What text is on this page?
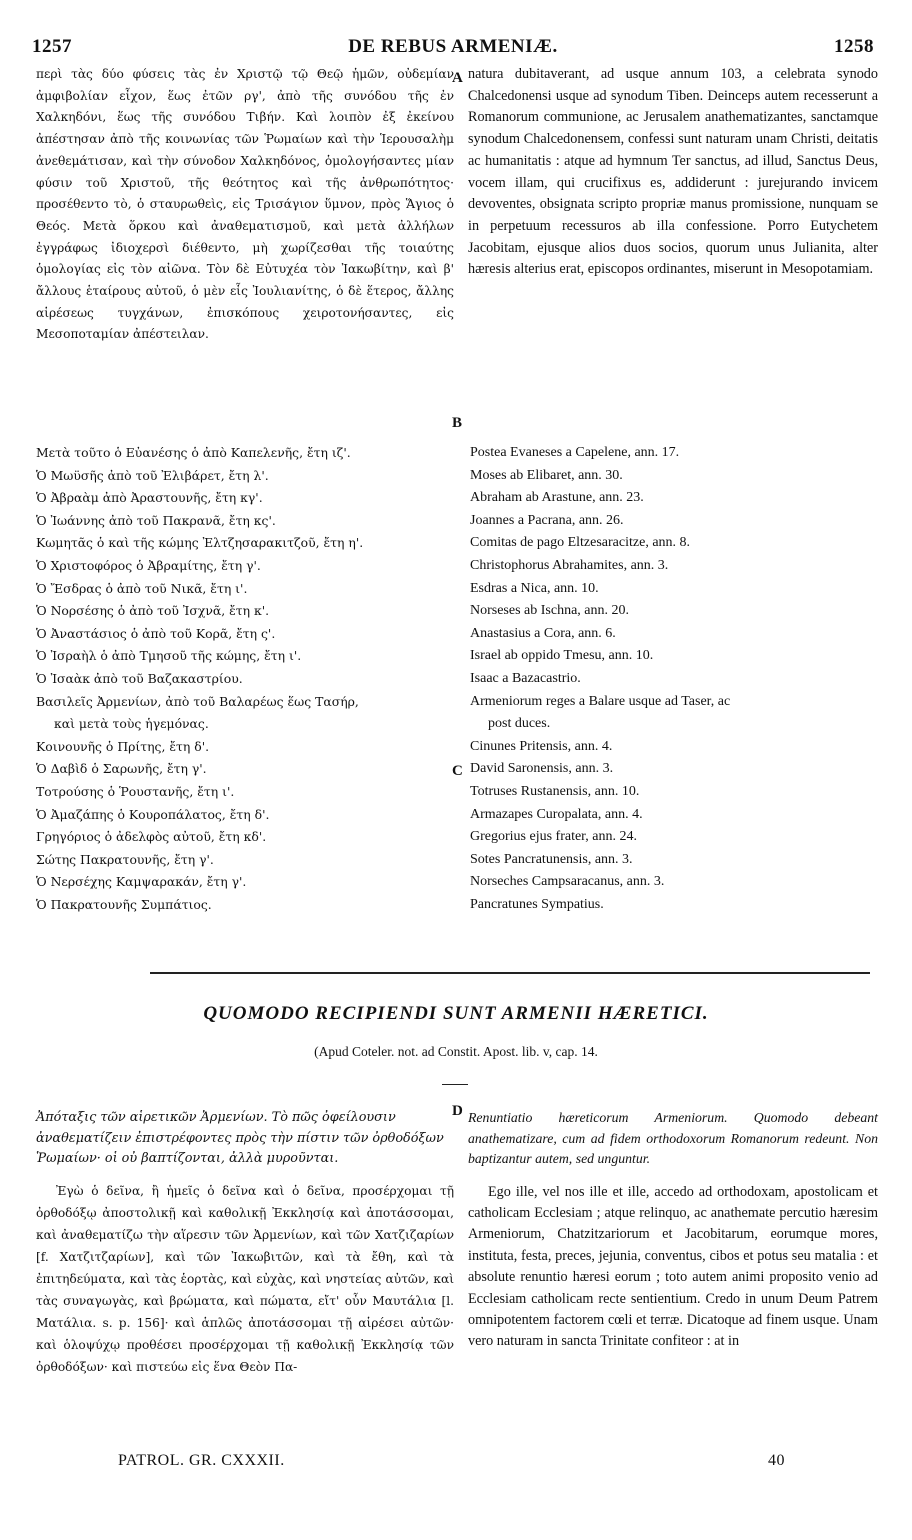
1257	DE REBUS ARMENIÆ.	1258
περὶ τὰς δύο φύσεις τὰς ἐν Χριστῷ τῷ Θεῷ ἡμῶν, οὐδεμίαν ἀμφιβολίαν εἶχον, ἕως ἐτῶν ργ', ἀπὸ τῆς συνόδου τῆς ἐν Χαλκηδόνι, ἕως τῆς συνόδου Τιβήν. Καὶ λοιπὸν ἐξ ἐκείνου ἀπέστησαν ἀπὸ τῆς κοινωνίας τῶν Ῥωμαίων καὶ τὴν Ἱερουσαλὴμ ἀνεθεμάτισαν, καὶ τὴν σύνοδον Χαλκηδόνος, ὁμολογήσαντες μίαν φύσιν τοῦ Χριστοῦ, τῆς θεότητος καὶ τῆς ἀνθρωπότητος· προσέθεντο τὸ, ὁ σταυρωθεὶς, εἰς Τρισάγιον ὕμνον, πρὸς Ἅγιος ὁ Θεός. Μετὰ ὅρκου καὶ ἀναθεματισμοῦ, καὶ μετὰ ἀλλήλων ἐγγράφως ἰδιοχερσὶ διέθεντο, μὴ χωρίζεσθαι τῆς τοιαύτης ὁμολογίας εἰς τὸν αἰῶνα. Τὸν δὲ Εὐτυχέα τὸν Ἰακωβίτην, καὶ β' ἄλλους ἑταίρους αὐτοῦ, ὁ μὲν εἷς Ἰουλιανίτης, ὁ δὲ ἕτερος, ἄλλης αἱρέσεως τυγχάνων, ἐπισκόπους χειροτονήσαντες, εἰς Μεσοποταμίαν ἀπέστειλαν.
natura dubitaverant, ad usque annum 103, a celebrata synodo Chalcedonensi usque ad synodum Tiben. Deinceps autem recesserunt a Romanorum communione, ac Jerusalem anathematizantes, sanctamque synodum Chalcedonensem, confessi sunt naturam unam Christi, deitatis ac humanitatis : atque ad hymnum Ter sanctus, ad illud, Sanctus Deus, vocem illam, qui crucifixus es, addiderunt : jurejurando invicem devoventes, obsignata scripto propriæ manus promissione, nunquam se in perpetuum recessuros ab illa confessione. Porro Eutychetem Jacobitam, ejusque alios duos socios, quorum unus Julianita, alter hæresis alterius erat, episcopos ordinantes, miserunt in Mesopotamiam.
A
B
C
D
Μετὰ τοῦτο ὁ Εὐανέσης ὁ ἀπὸ Καπελενῆς, ἔτη ιζ'.
Ὁ Μωϋσῆς ἀπὸ τοῦ Ἐλιβάρετ, ἔτη λ'.
Ὁ Ἀβραὰμ ἀπὸ Ἀραστουνῆς, ἔτη κγ'.
Ὁ Ἰωάννης ἀπὸ τοῦ Πακρανᾶ, ἔτη κς'.
Κωμητᾶς ὁ καὶ τῆς κώμης Ἐλτζησαρακιτζοῦ, ἔτη η'.
Ὁ Χριστοφόρος ὁ Ἀβραμίτης, ἔτη γ'.
Ὁ Ἔσδρας ὁ ἀπὸ τοῦ Νικᾶ, ἔτη ι'.
Ὁ Νορσέσης ὁ ἀπὸ τοῦ Ἰσχνᾶ, ἔτη κ'.
Ὁ Ἀναστάσιος ὁ ἀπὸ τοῦ Κορᾶ, ἔτη ς'.
Ὁ Ἰσραὴλ ὁ ἀπὸ Τμησοῦ τῆς κώμης, ἔτη ι'.
Ὁ Ἰσαὰκ ἀπὸ τοῦ Βαζακαστρίου.
Βασιλεῖς Ἀρμενίων, ἀπὸ τοῦ Βαλαρέως ἕως Τασήρ,
καὶ μετὰ τοὺς ἡγεμόνας.
Κοινουνῆς ὁ Πρίτης, ἔτη δ'.
Ὁ Δαβὶδ ὁ Σαρωνῆς, ἔτη γ'.
Τοτρούσης ὁ Ῥουστανῆς, ἔτη ι'.
Ὁ Ἀμαζάπης ὁ Κουροπάλατος, ἔτη δ'.
Γρηγόριος ὁ ἀδελφὸς αὐτοῦ, ἔτη κδ'.
Σώτης Πακρατουνῆς, ἔτη γ'.
Ὁ Νερσέχης Καμψαρακάν, ἔτη γ'.
Ὁ Πακρατουνῆς Συμπάτιος.
Postea Evaneses a Capelene, ann. 17.
Moses ab Elibaret, ann. 30.
Abraham ab Arastune, ann. 23.
Joannes a Pacrana, ann. 26.
Comitas de pago Eltzesaracitze, ann. 8.
Christophorus Abrahamites, ann. 3.
Esdras a Nica, ann. 10.
Norseses ab Ischna, ann. 20.
Anastasius a Cora, ann. 6.
Israel ab oppido Tmesu, ann. 10.
Isaac a Bazacastrio.
Armeniorum reges a Balare usque ad Taser, ac
post duces.
Cinunes Pritensis, ann. 4.
David Saronensis, ann. 3.
Totruses Rustanensis, ann. 10.
Armazapes Curopalata, ann. 4.
Gregorius ejus frater, ann. 24.
Sotes Pancratunensis, ann. 3.
Norseches Campsaracanus, ann. 3.
Pancratunes Sympatius.
QUOMODO RECIPIENDI SUNT ARMENII HÆRETICI.
(Apud Coteler. not. ad Constit. Apost. lib. v, cap. 14.
Ἀπόταξις τῶν αἱρετικῶν Ἀρμενίων. Τὸ πῶς ὀφείλουσιν ἀναθεματίζειν ἐπιστρέφοντες πρὸς τὴν πίστιν τῶν ὀρθοδόξων Ῥωμαίων· οἱ οὐ βαπτίζονται, ἀλλὰ μυροῦνται.
Ἐγὼ ὁ δεῖνα, ἢ ἡμεῖς ὁ δεῖνα καὶ ὁ δεῖνα, προσέρχομαι τῇ ὀρθοδόξῳ ἀποστολικῇ καὶ καθολικῇ Ἐκκλησίᾳ καὶ ἀποτάσσομαι, καὶ ἀναθεματίζω τὴν αἵρεσιν τῶν Ἀρμενίων, καὶ τῶν Χατζιζαρίων [f. Χατζιτζαρίων], καὶ τῶν Ἰακωβιτῶν, καὶ τὰ ἔθη, καὶ τὰ ἐπιτηδεύματα, καὶ τὰς ἑορτὰς, καὶ εὐχὰς, καὶ νηστείας αὐτῶν, καὶ τὰς συναγωγὰς, καὶ βρώματα, καὶ πώματα, εἴτ' οὖν Μαυτάλια [l. Ματάλια. s. p. 156]· καὶ ἁπλῶς ἀποτάσσομαι τῇ αἱρέσει αὐτῶν· καὶ ὁλοψύχῳ προθέσει προσέρχομαι τῇ καθολικῇ Ἐκκλησίᾳ τῶν ὀρθοδόξων· καὶ πιστεύω εἰς ἕνα Θεὸν Πα-
Renuntiatio hæreticorum Armeniorum. Quomodo debeant anathematizare, cum ad fidem orthodoxorum Romanorum redeunt. Non baptizantur autem, sed unguntur.
Ego ille, vel nos ille et ille, accedo ad orthodoxam, apostolicam et catholicam Ecclesiam ; atque relinquo, ac anathemate percutio hæresim Armeniorum, Chatzitzariorum et Jacobitarum, eorumque mores, instituta, festa, preces, jejunia, conventus, cibos et potus seu matalia : et absolute renuntio hæresi eorum ; toto autem animi proposito venio ad Ecclesiam catholicam recte sentientium. Credo in unum Deum Patrem omnipotentem factorem cœli et terræ. Dicatoque ad finem usque. Unam vero naturam in sancta Trinitate confiteor : at in
PATROL. GR. CXXXII.	40
